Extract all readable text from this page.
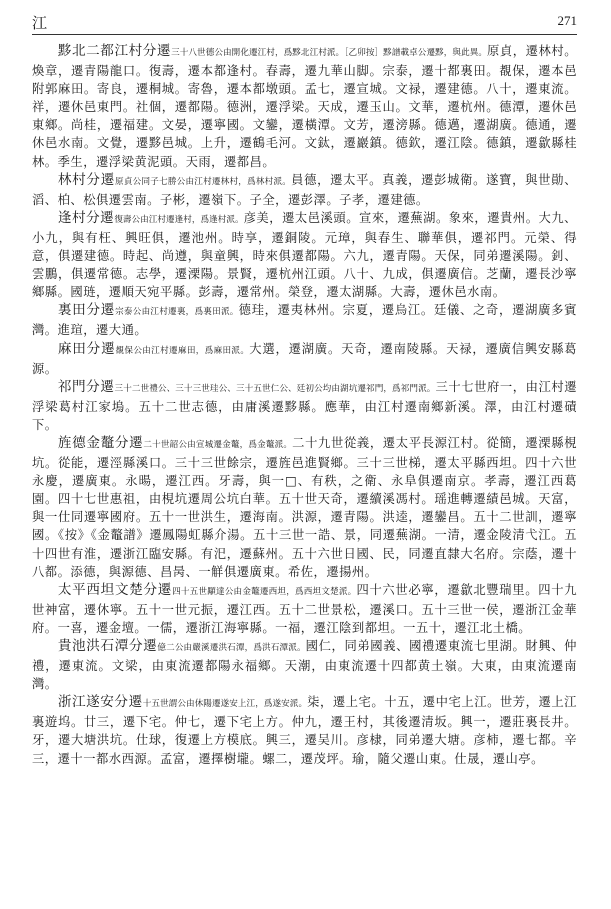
江	271

黟北二都江村分遷三十八世德公由開化遷江村，爲黟北江村派。［乙卯按］黟譜載卓公遷黟，與此異。原貞，遷林村。煥章，遷青陽龍口。復壽，遷本都逢村。春壽，遷九華山脚。宗泰，遷十都裏田。覩保，遷本邑附郭麻田。寄良，遷桐城。寄魯，遷本都墩頭。孟七，遷宣城。文禄，遷建德。八十，遷東流。祥，遷休邑東門。社個，遷都陽。德洲，遷浮梁。天成，遷玉山。文華，遷杭州。德潭，遷休邑東鄉。尚桂，遷福建。文晏，遷寧國。文鑾，遷橫潭。文芳，遷滂縣。德邁，遷湖廣。德通，遷休邑水南。文覺，遷黟邑城。上升，遷鶴毛河。文鈦，遷巖鎮。德欽，遷江陰。德鎮，遷歙縣桂林。季生，遷浮梁黄泥頭。天雨，遷都昌。

林村分遷原貞公同子七勝公由江村遷林村，爲林村派。員德，遷太平。真義，遷彭城衛。遂寶，與世勛、滔、柏、松俱遷雲南。子彬，遷嶺下。子全，遷彭澤。子孝，遷建德。

逢村分遷復壽公由江村遷逢村，爲逢村派。彦美，遷太邑溪頭。宣來，遷蕪湖。象來，遷貴州。大九、小九，與有枉、興旺俱，遷池州。時享，遷銅陵。元璋，與春生、聯華俱，遷祁門。元榮、得意，俱遷建德。時起、尚遵，與童興，時來俱遷都陽。六九，遷青陽。天保，同弟遷溪陽。釗、雲鵬，俱遷常德。志學，遷溧陽。景賢，遷杭州江頭。八十、九成，俱遷廣信。芝蘭，遷長沙寧鄉縣。國琏，遷順天宛平縣。彭壽，遷常州。榮登，遷太湖縣。大壽，遷休邑水南。

裏田分遷宗泰公由江村遷裏，爲裏田派。德珪，遷夷林州。宗夏，遷烏江。廷儀、之奇，遷湖廣多賓灣。進瑄，遷大通。

麻田分遷覩保公由江村遷麻田，爲麻田派。大選，遷湖廣。天奇，遷南陵縣。天禄，遷廣信興安縣葛源。

祁門分遷三十二世禮公、三十三世珪公、三十五世仁公、廷初公均由湖坑遷祁門，爲祁門派。三十七世府一，由江村遷浮梁葛村江家塢。五十二世志德，由庸溪遷黟縣。應華，由江村遷南鄉新溪。澤，由江村遷磧下。

旌德金鼇分遷二十世韶公由宣城遷金鼇，爲金鼇派。二十九世從義，遷太平長源江村。從簡，遷溧縣梘坑。從能，遷涇縣溪口。三十三世餘宗，遷旌邑進賢鄉。三十三世梯，遷太平縣西坦。四十六世永慶，遷廣東。永暘，遷江西。牙壽，與一□、有秩，之衛、永阜俱遷南京。孝壽，遷江西葛園。四十七世惠祖，由梘坑遷周公坑白華。五十世天奇，遷續溪馮村。瑶進轉遷績邑城。天富，與一仕同遷寧國府。五十一世洪生，遷海南。洪源，遷青陽。洪逵，遷鑾昌。五十二世訓，遷寧國。《按》《金鼇譜》遷鳳陽虹縣介湯。五十三世一誥、景，同遷蕪湖。一清，遷金陵清弋江。五十四世有淮，遷浙江臨安縣。有汜，遷蘇州。五十六世日國、民，同遷直隸大名府。宗蔭，遷十八都。添德，與源德、昌昺、一觧俱遷廣東。希佐，遷揚州。

太平西坦文楚分遷四十五世顒達公由金鼇遷西坦，爲西坦文楚派。四十六世必寧，遷歙北豐瑞里。四十九世神富，遷休寧。五十一世元振，遷江西。五十二世景松，遷溪口。五十三世一侯，遷浙江金華府。一喜，遷金壇。一儒，遷浙江海寧縣。一福，遷江陰到都坦。一五十，遷江北土橋。

貴池洪石潭分遷億二公由嚴溪遷洪石潭，爲洪石潭派。國仁，同弟國義、國禮遷東流七里湖。財興、仲禮，遷東流。文梁，由東流遷都陽永福鄉。天潮，由東流遷十四都黄土嶺。大東，由東流遷南灣。

浙江遂安分遷十五世謂公由休陽遷遂安上江，爲遂安派。柒，遷上宅。十五，遷中宅上江。世芳，遷上江裏遊坞。廿三，遷下宅。仲七，遷下宅上方。仲九，遷王村，其後遷清坂。興一，遷莊裏長井。牙，遷大塘洪坑。仕球，復遷上方模底。興三，遷吴川。彦棣，同弟遷大塘。彦柿，遷七都。辛三，遷十一都水西源。孟富，遷擇樹壠。螺二，遷茂坪。瑜，隨父遷山東。仕晟，遷山亭。
